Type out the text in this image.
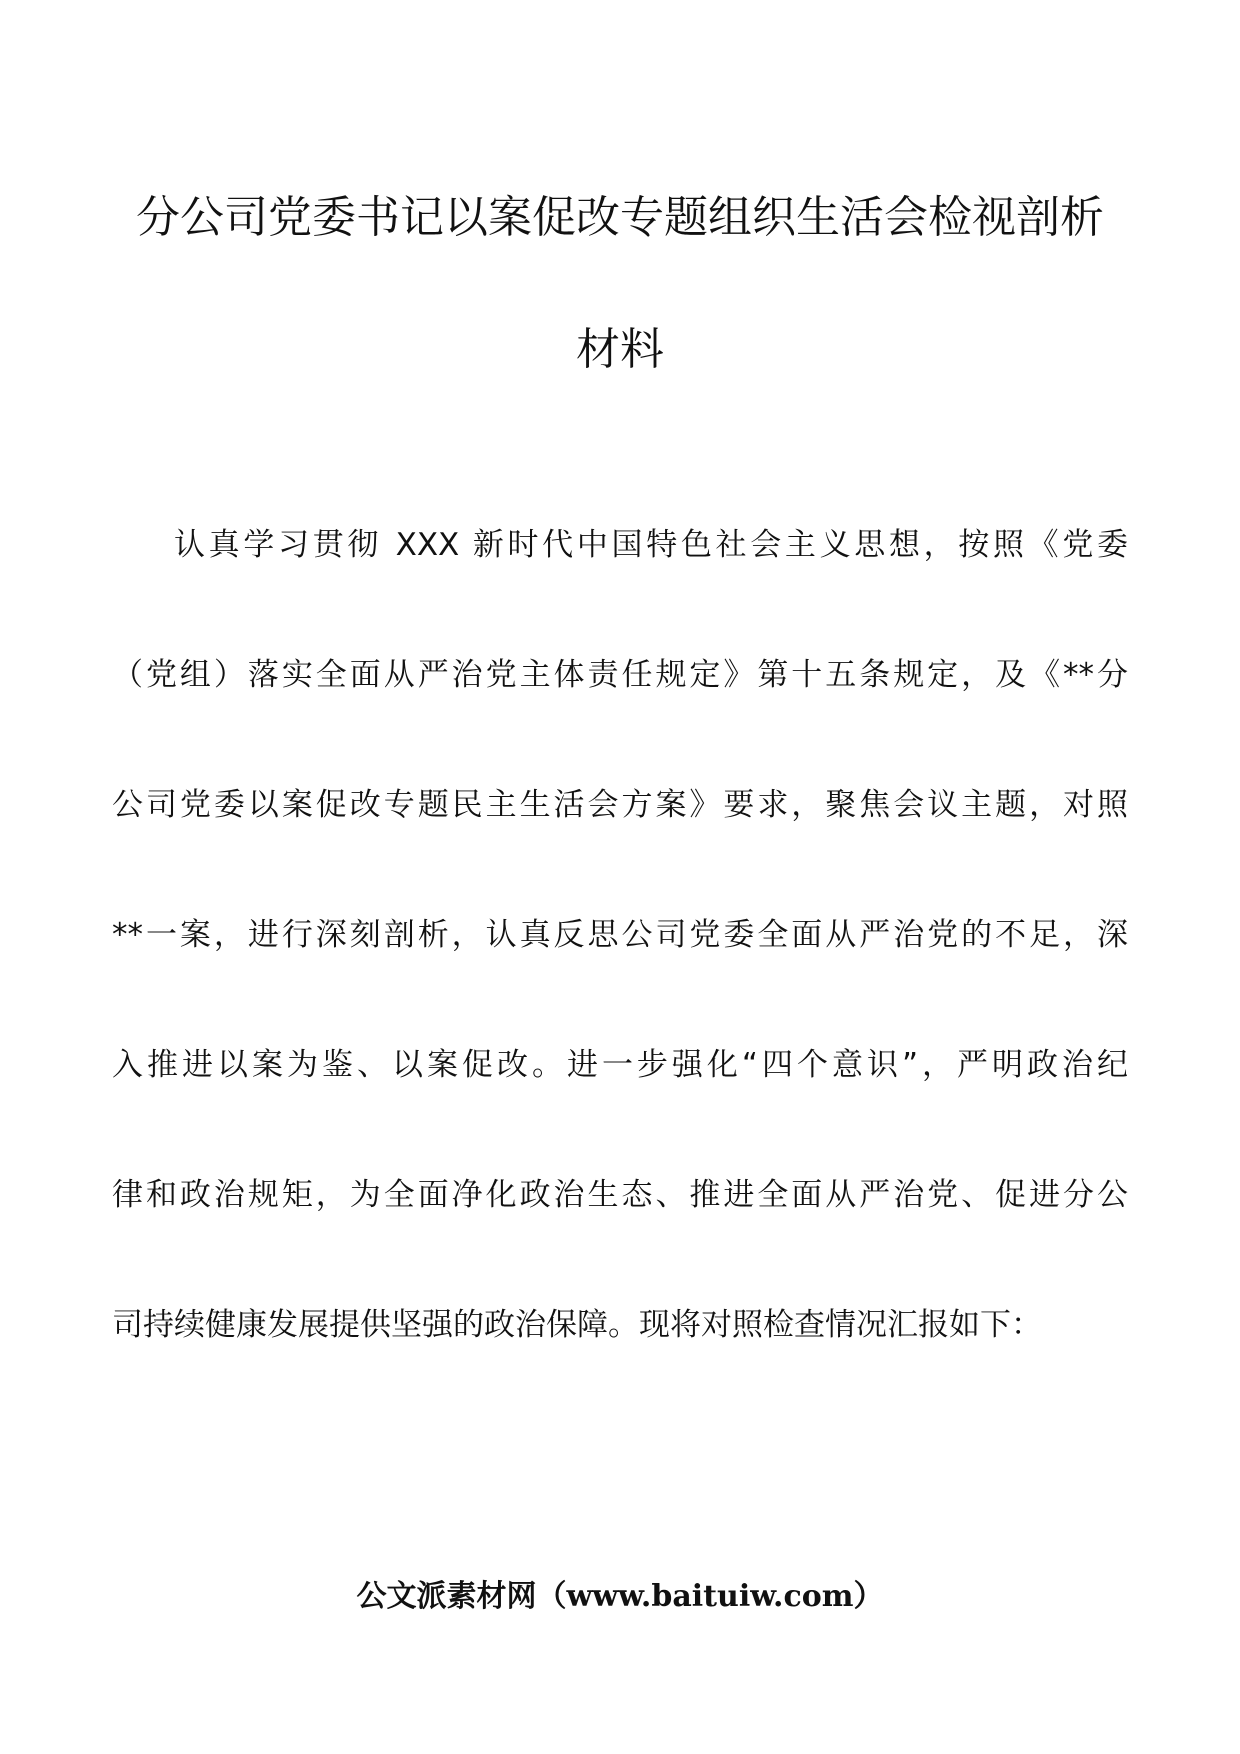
分公司党委书记以案促改专题组织生活会检视剖析
材料

认真学习贯彻 XXX 新时代中国特色社会主义思想，按照《党委
（党组）落实全面从严治党主体责任规定》第十五条规定，及《**分
公司党委以案促改专题民主生活会方案》要求，聚焦会议主题，对照
**一案，进行深刻剖析，认真反思公司党委全面从严治党的不足，深
入推进以案为鉴、以案促改。进一步强化“四个意识”，严明政治纪
律和政治规矩，为全面净化政治生态、推进全面从严治党、促进分公
司持续健康发展提供坚强的政治保障。现将对照检查情况汇报如下：

公文派素材网（www.baituiw.com）
